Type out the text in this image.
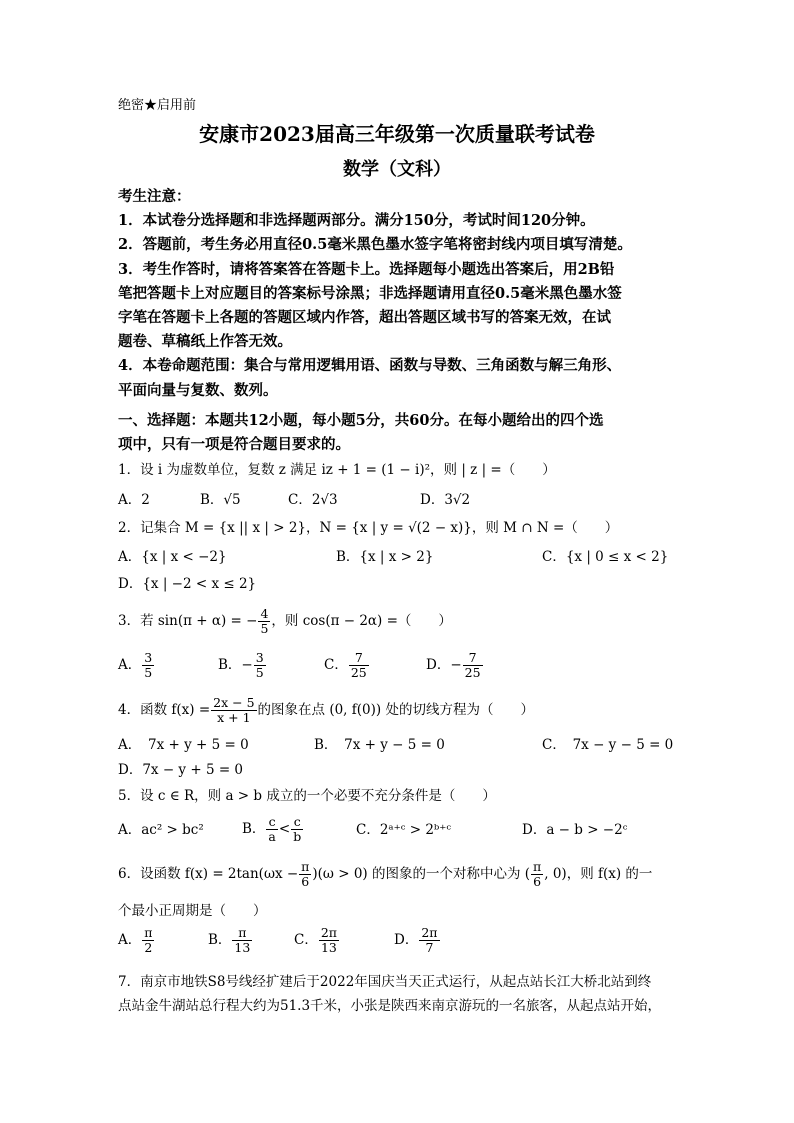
绝密★启用前
安康市2023届高三年级第一次质量联考试卷
数学（文科）

考生注意：

1．本试卷分选择题和非选择题两部分。满分150分，考试时间120分钟。

2．答题前，考生务必用直径0.5毫米黑色墨水签字笔将密封线内项目填写清楚。

3．考生作答时，请将答案答在答题卡上。选择题每小题选出答案后，用2B铅

笔把答题卡上对应题目的答案标号涂黑；非选择题请用直径0.5毫米黑色墨水签

字笔在答题卡上各题的答题区域内作答，超出答题区域书写的答案无效，在试

题卷、草稿纸上作答无效。

4．本卷命题范围：集合与常用逻辑用语、函数与导数、三角函数与解三角形、

平面向量与复数、数列。

一、选择题：本题共12小题，每小题5分，共60分。在每小题给出的四个选

项中，只有一项是符合题目要求的。

1．设 i 为虚数单位，复数 z 满足 iz + 1 = (1 − i)²，则 | z | =（　　）
A．2	B．√5	C．2√3	D．3√2
2．记集合 M = {x || x | > 2}，N = {x | y = √(2 − x)}，则 M ∩ N =（　　）
A．{x | x < −2}	B．{x | x > 2}	C．{x | 0 ≤ x < 2}
D．{x | −2 < x ≤ 2}
3．若 sin(π + α) = − $\frac{4}{5}$ ，则 cos(π − 2α) =（　　）
A． $\frac{3}{5}$	B．− $\frac{3}{5}$	C． $\frac{7}{25}$	D．− $\frac{7}{25}$
4．函数 $f(x) = \frac{2x - 5}{x + 1}$ 的图象在点 (0, f(0)) 处的切线方程为（　　）
A．　7x + y + 5 = 0	B．　7x + y − 5 = 0	C．　7x − y − 5 = 0
D．7x − y + 5 = 0
5．设 c ∈ R，则 a > b 成立的一个必要不充分条件是（　　）
A．ac² > bc²	B． $\frac{c}{a} < \frac{c}{b}$	C．2ᵃ⁺ᶜ > 2ᵇ⁺ᶜ	D．a − b > −2ᶜ
6．设函数 $f(x) = 2\tan(\omega x - \frac{\pi}{6} )(\omega > 0)$ 的图象的一个对称中心为 ( $\frac{\pi}{6}$ , 0)，则 f(x) 的一
个最小正周期是（　　）
A． $\frac{\pi}{2}$	B． $\frac{\pi}{13}$	C． $\frac{2\pi}{13}$	D． $\frac{2\pi}{7}$

7．南京市地铁S8号线经扩建后于2022年国庆当天正式运行，从起点站长江大桥北站到终

点站金牛湖站总行程大约为51.3千米，小张是陕西来南京游玩的一名旅客，从起点站开始，
